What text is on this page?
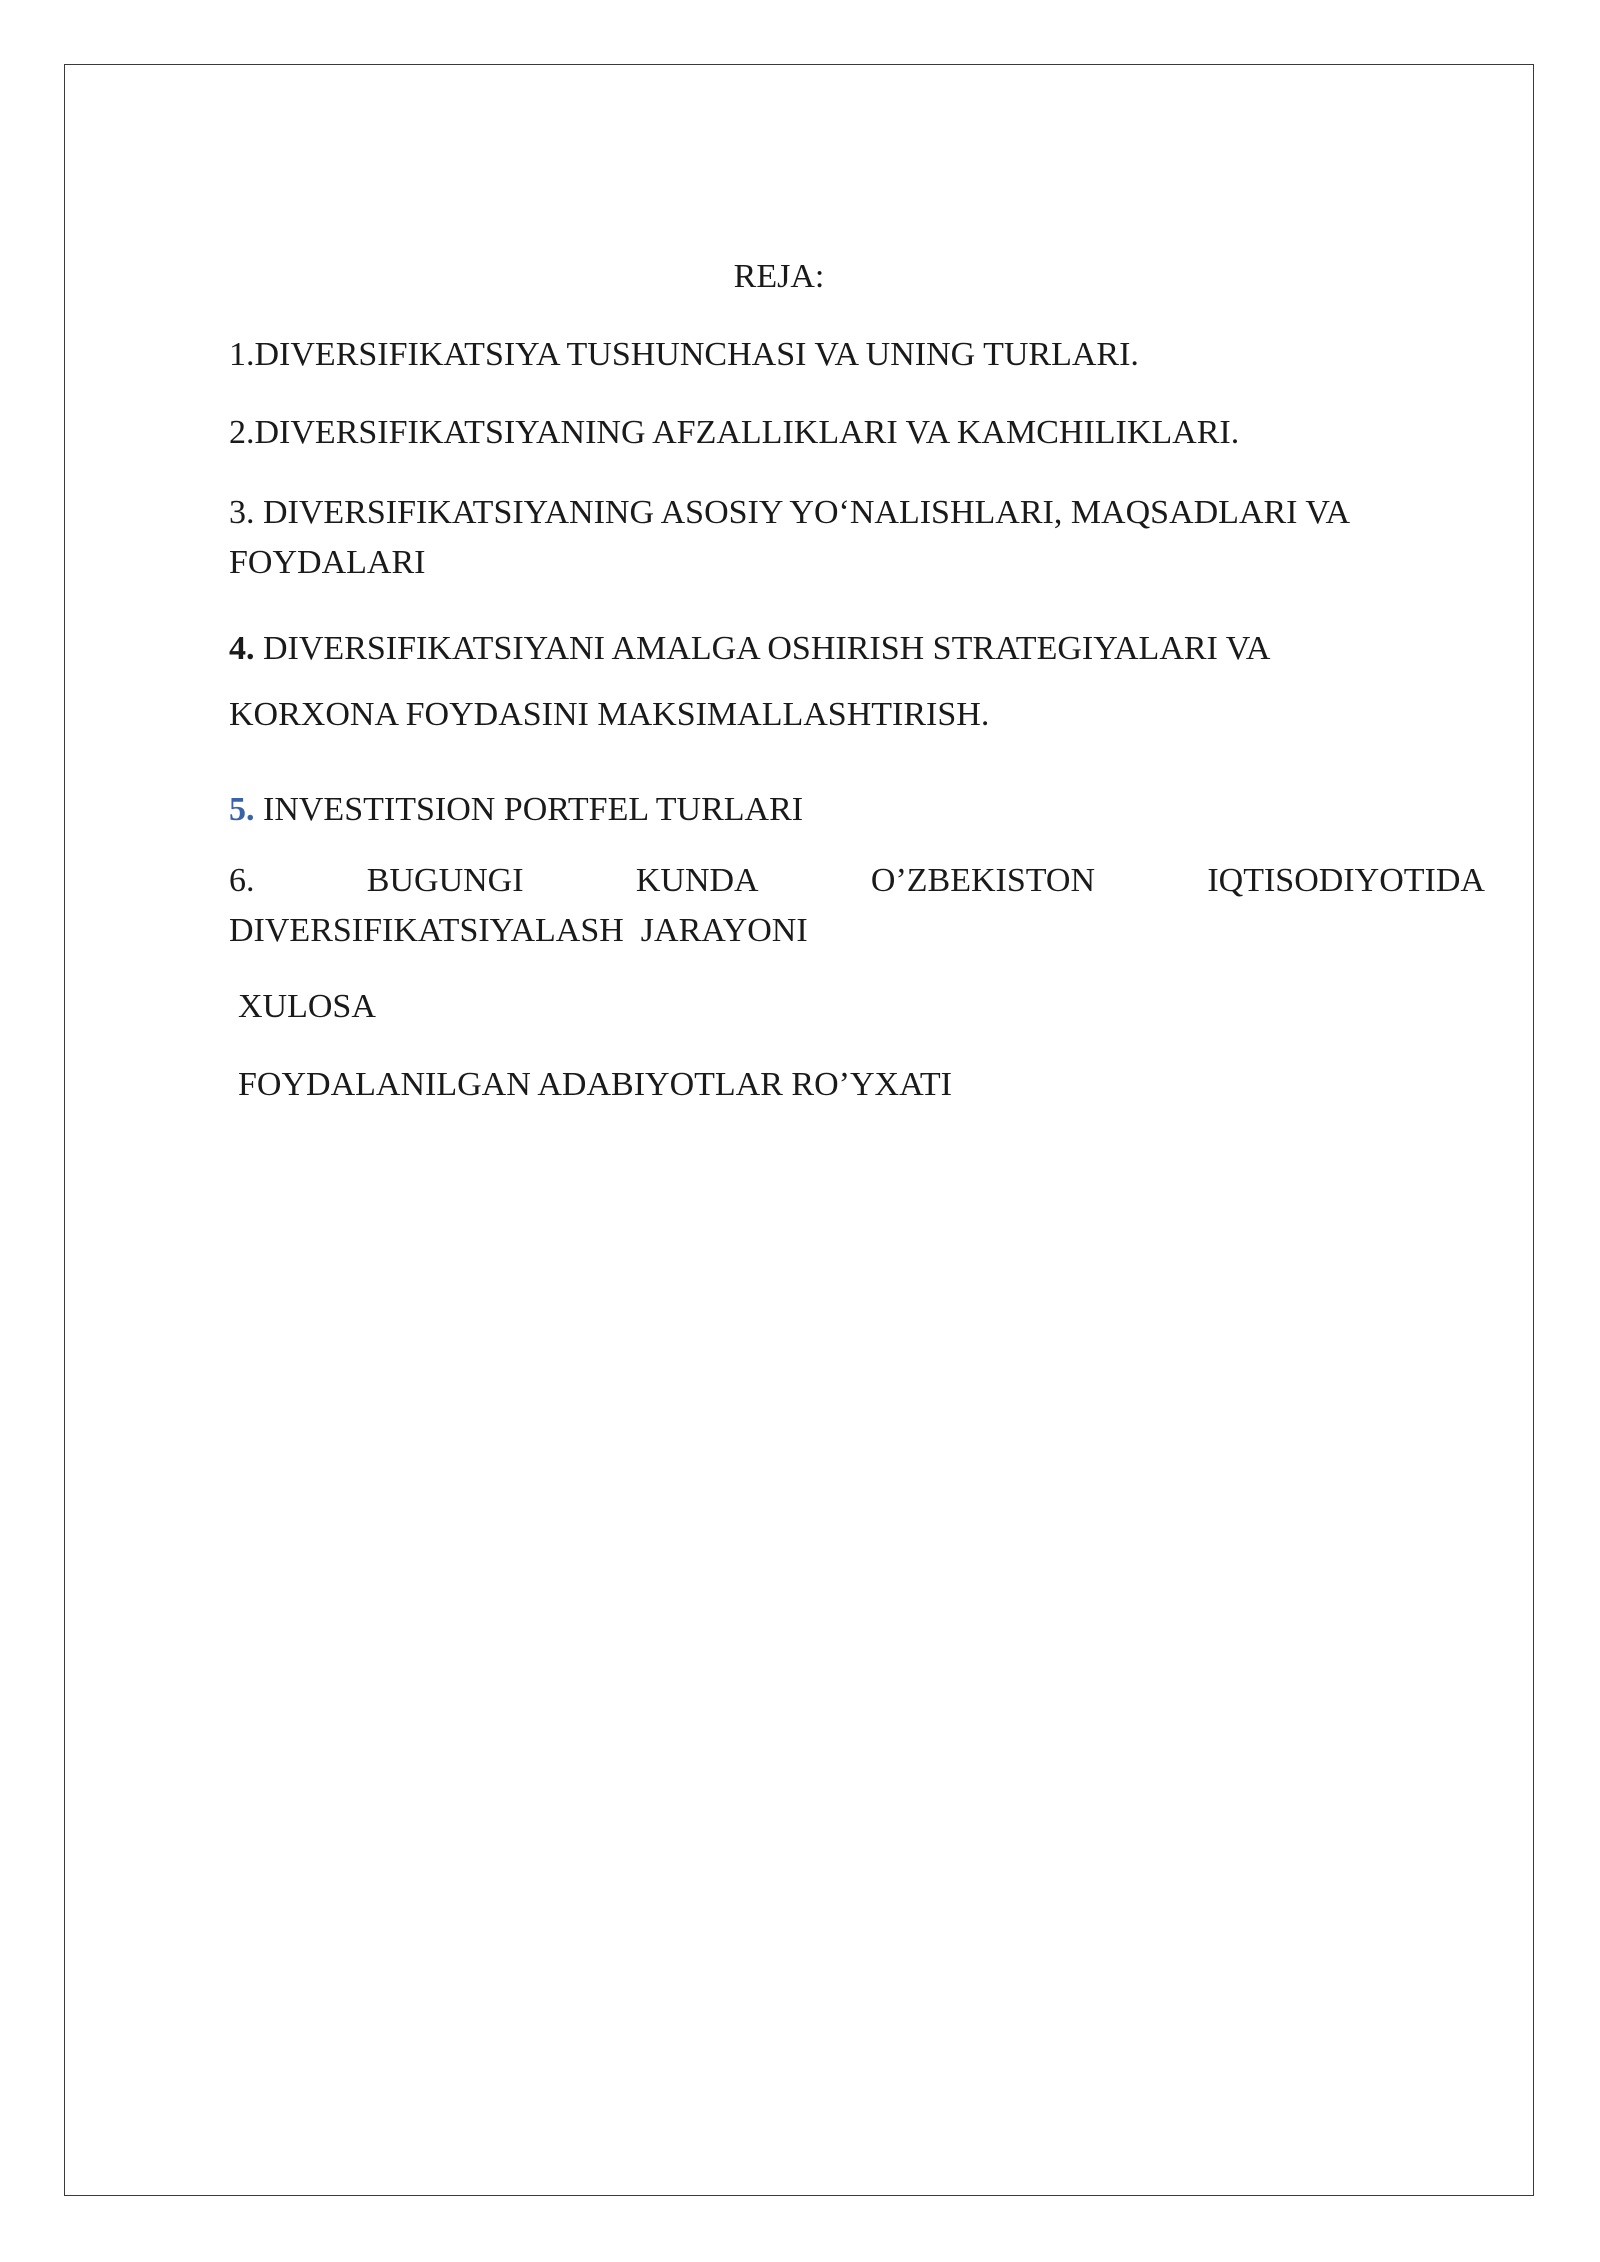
REJA:
1.DIVERSIFIKATSIYA TUSHUNCHASI VA UNING TURLARI.
2.DIVERSIFIKATSIYANING AFZALLIKLARI VA KAMCHILIKLARI.
3. DIVERSIFIKATSIYANING ASOSIY YO‘NALISHLARI, MAQSADLARI VA
FOYDALARI
4. DIVERSIFIKATSIYANI AMALGA OSHIRISH STRATEGIYALARI VA
KORXONA FOYDASINI MAKSIMALLASHTIRISH.
5. INVESTITSION PORTFEL TURLARI
6.	BUGUNGI	KUNDA	O’ZBEKISTON	IQTISODIYOTIDA
DIVERSIFIKATSIYALASH  JARAYONI
XULOSA
FOYDALANILGAN ADABIYOTLAR RO’YXATI
